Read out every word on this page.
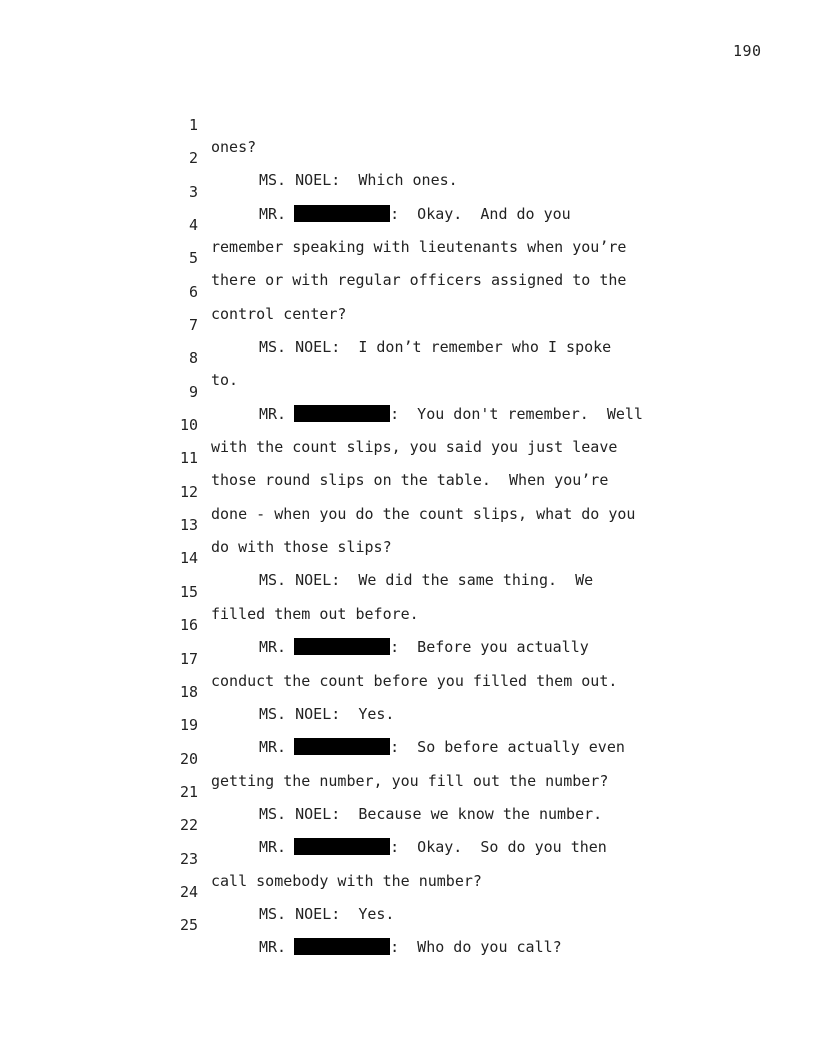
190

1

ones?

2

MS. NOEL:  Which ones.

3

MR.	:  Okay.  And do you

4

remember speaking with lieutenants when you’re

5

there or with regular officers assigned to the

6

control center?

7

MS. NOEL:  I don’t remember who I spoke

8

to.

9

MR.	:  You don't remember.  Well

10

with the count slips, you said you just leave

11

those round slips on the table.  When you’re

12

done - when you do the count slips, what do you

13

do with those slips?

14

MS. NOEL:  We did the same thing.  We

15

filled them out before.

16

MR.	:  Before you actually

17

conduct the count before you filled them out.

18

MS. NOEL:  Yes.

19

MR.	:  So before actually even

20

getting the number, you fill out the number?

21

MS. NOEL:  Because we know the number.

22

MR.	:  Okay.  So do you then

23

call somebody with the number?

24

MS. NOEL:  Yes.

25

MR.	:  Who do you call?
